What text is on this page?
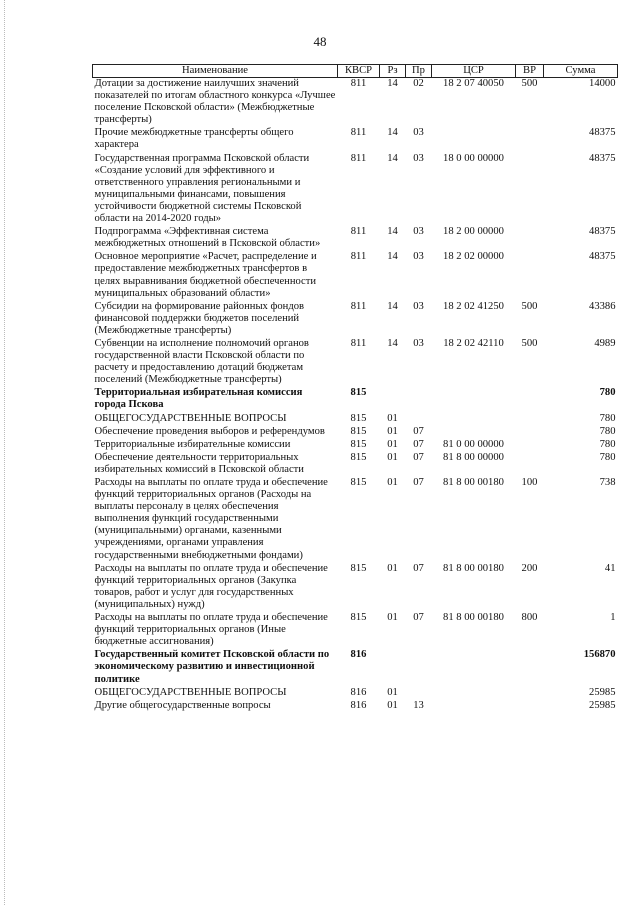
48
Наименование	КВСР	Рз	Пр	ЦСР	ВР	Сумма
Дотации за достижение наилучших значений показателей по итогам областного конкурса «Лучшее поселение Псковской области» (Межбюджетные трансферты)	811	14	02	18 2 07 40050	500	14000
Прочие межбюджетные трансферты общего характера	811	14	03			48375
Государственная программа Псковской области «Создание условий для эффективного и ответственного управления региональными и муниципальными финансами, повышения устойчивости бюджетной системы Псковской области на 2014-2020 годы»	811	14	03	18 0 00 00000		48375
Подпрограмма «Эффективная система межбюджетных отношений в Псковской области»	811	14	03	18 2 00 00000		48375
Основное мероприятие «Расчет, распределение и предоставление межбюджетных трансфертов в целях выравнивания бюджетной обеспеченности муниципальных образований области»	811	14	03	18 2 02 00000		48375
Субсидии на формирование районных фондов финансовой поддержки бюджетов поселений (Межбюджетные трансферты)	811	14	03	18 2 02 41250	500	43386
Субвенции на исполнение полномочий органов государственной власти Псковской области по расчету и предоставлению дотаций бюджетам поселений (Межбюджетные трансферты)	811	14	03	18 2 02 42110	500	4989
Территориальная избирательная комиссия города Пскова	815					780
ОБЩЕГОСУДАРСТВЕННЫЕ ВОПРОСЫ	815	01				780
Обеспечение проведения выборов и референдумов	815	01	07			780
Территориальные избирательные комиссии	815	01	07	81 0 00 00000		780
Обеспечение деятельности территориальных избирательных комиссий в Псковской области	815	01	07	81 8 00 00000		780
Расходы на выплаты по оплате труда и обеспечение функций территориальных органов (Расходы на выплаты персоналу в целях обеспечения выполнения функций государственными (муниципальными) органами, казенными учреждениями, органами управления государственными внебюджетными фондами)	815	01	07	81 8 00 00180	100	738
Расходы на выплаты по оплате труда и обеспечение функций территориальных органов (Закупка товаров, работ и услуг для государственных (муниципальных) нужд)	815	01	07	81 8 00 00180	200	41
Расходы на выплаты по оплате труда и обеспечение функций территориальных органов (Иные бюджетные ассигнования)	815	01	07	81 8 00 00180	800	1
Государственный комитет Псковской области по экономическому развитию и инвестиционной политике	816					156870
ОБЩЕГОСУДАРСТВЕННЫЕ ВОПРОСЫ	816	01				25985
Другие общегосударственные вопросы	816	01	13			25985
